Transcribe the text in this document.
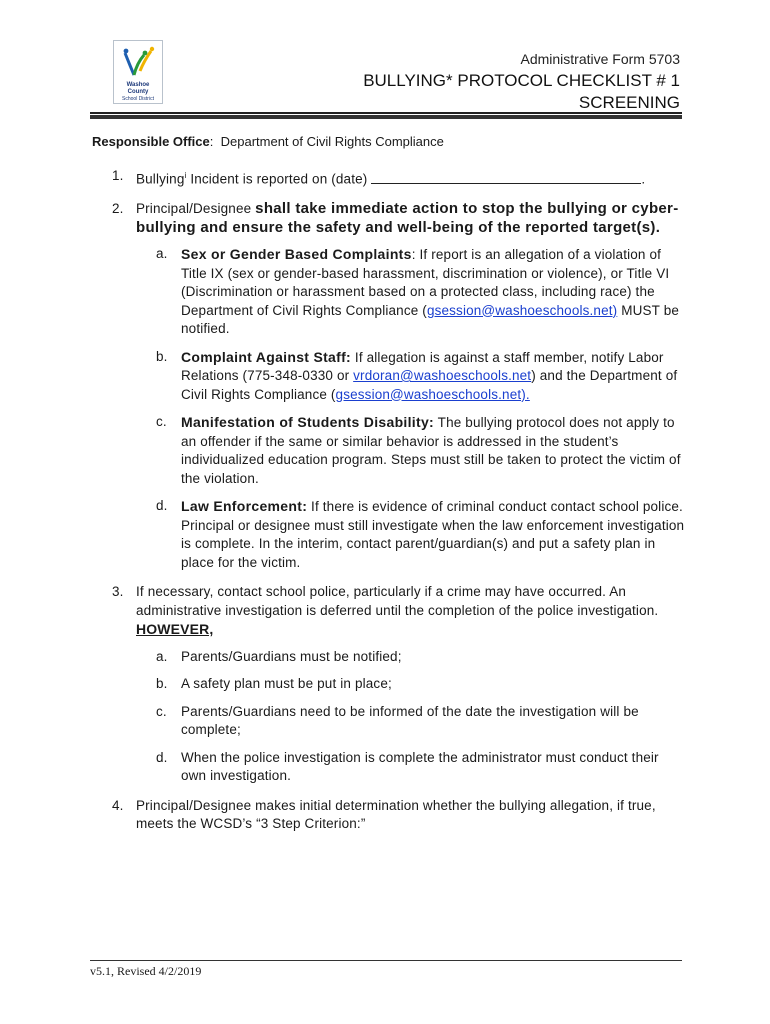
Washoe County
School District
Administrative Form 5703
BULLYING* PROTOCOL CHECKLIST # 1
SCREENING
Responsible Office: Department of Civil Rights Compliance
1. Bullying$^i$ Incident is reported on (date)	.
2. Principal/Designee shall take immediate action to stop the bullying or cyber-bullying and ensure the safety and well-being of the reported target(s).
a. Sex or Gender Based Complaints: If report is an allegation of a violation of Title IX (sex or gender-based harassment, discrimination or violence), or Title VI (Discrimination or harassment based on a protected class, including race) the Department of Civil Rights Compliance (gsession@washoeschools.net) MUST be notified.
b. Complaint Against Staff: If allegation is against a staff member, notify Labor Relations (775-348-0330 or vrdoran@washoeschools.net) and the Department of Civil Rights Compliance (gsession@washoeschools.net).
c. Manifestation of Students Disability: The bullying protocol does not apply to an offender if the same or similar behavior is addressed in the student’s individualized education program. Steps must still be taken to protect the victim of the violation.
d. Law Enforcement: If there is evidence of criminal conduct contact school police. Principal or designee must still investigate when the law enforcement investigation is complete. In the interim, contact parent/guardian(s) and put a safety plan in place for the victim.
3. If necessary, contact school police, particularly if a crime may have occurred. An administrative investigation is deferred until the completion of the police investigation. HOWEVER,
a. Parents/Guardians must be notified;
b. A safety plan must be put in place;
c. Parents/Guardians need to be informed of the date the investigation will be complete;
d. When the police investigation is complete the administrator must conduct their own investigation.
4. Principal/Designee makes initial determination whether the bullying allegation, if true, meets the WCSD’s “3 Step Criterion:”
v5.1, Revised 4/2/2019
